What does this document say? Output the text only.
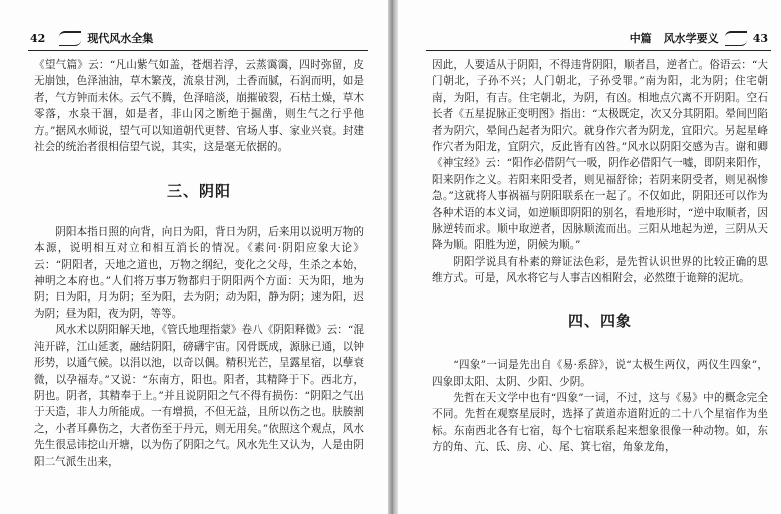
42	现代风水全集

《望气篇》云：“凡山紫气如盖，苍烟若浮，云蒸霭霭，四时弥留，皮无崩蚀，色泽油油，草木繁茂，流泉甘洌，土香而腻，石润而明，如是者，气方钟而未休。云气不腾，色泽暗淡，崩摧破裂，石枯土燥，草木零落，水泉干涸，如是者，非山冈之断绝于掘凿，则生气之行乎他方。”据风水师说，望气可以知道朝代更替、官场人事、家业兴衰。封建社会的统治者很相信望气说，其实，这是毫无依据的。

三、阴阳

阴阳本指日照的向背，向日为阳，背日为阴，后来用以说明万物的本源，说明相互对立和相互消长的情况。《素问·阴阳应象大论》云：“阴阳者，天地之道也，万物之纲纪，变化之父母，生杀之本始，神明之本府也。”人们将万事万物都归于阴阳两个方面：天为阳，地为阴；日为阳，月为阴；至为阳，去为阴；动为阳，静为阴；速为阳，迟为阴；昼为阳，夜为阴，等等。

风水术以阴阳解天地，《管氏地理指蒙》卷八《阴阳释微》云：“混沌开辟，江山延袤，融结阴阳，磅礴宇宙。冈骨既成，源脉已通，以钟形势，以通气候。以涓以池，以奇以偶。精积光芒，呈露星宿，以孽衰微，以孕福寿。”又说：“东南方，阳也。阳者，其精降于下。西北方，阴也。阴者，其精奉于上。”并且说阴阳之气不得有损伤：“阴阳之气出于天造，非人力所能成。一有增损，不但无益，且所以伤之也。肤腠割之，小者耳鼻伤之，大者伤至于丹元，则无用矣。”依照这个观点，风水先生很忌讳挖山开塘，以为伤了阴阳之气。风水先生又认为，人是由阴阳二气派生出来，

中篇 风水学要义	43

因此，人要适从于阴阳，不得违背阴阳，顺者昌，逆者亡。俗语云：“大门朝北，子孙不兴；人门朝北，子孙受罪。”南为阳，北为阴；住宅朝南，为阳，有吉。住宅朝北，为阴，有凶。相地点穴离不开阴阳。空石长者《五星捉脉正变明图》指出：“太极既定，次又分其阴阳。晕间凹陷者为阴穴，晕间凸起者为阳穴。就身作穴者为阴龙，宜阳穴。另起星峰作穴者为阳龙，宜阴穴，反此皆有凶咎。”风水以阴阳交感为吉。谢和卿《神宝经》云：“阳作必借阴气一吸，阴作必借阳气一嘘，即阴来阳作，阳来阴作之义。若阳来阳受者，则见福舒徐；若阴来阴受者，则见祸惨急。”这就将人事祸福与阴阳联系在一起了。不仅如此，阴阳还可以作为各种术语的本义词，如逆顺即阴阳的别名，看地形时，“逆中取顺者，因脉逆转而求。顺中取逆者，因脉顺流而出。三阳从地起为逆，三阴从天降为顺。阳胜为逆，阴候为顺。”

阴阳学说具有朴素的辩证法色彩，是先哲认识世界的比较正确的思维方式。可是，风水将它与人事吉凶相附会，必然堕于诡辩的泥坑。

四、四象

“四象”一词是先出自《易·系辞》，说“太极生两仪，两仪生四象”，四象即太阳、太阴、少阳、少阴。

先哲在天文学中也有“四象”一词，不过，这与《易》中的概念完全不同。先哲在观察星辰时，选择了黄道赤道附近的二十八个星宿作为坐标。东南西北各有七宿，每个七宿联系起来想象很像一种动物。如，东方的角、亢、氐、房、心、尾、箕七宿，角象龙角，
